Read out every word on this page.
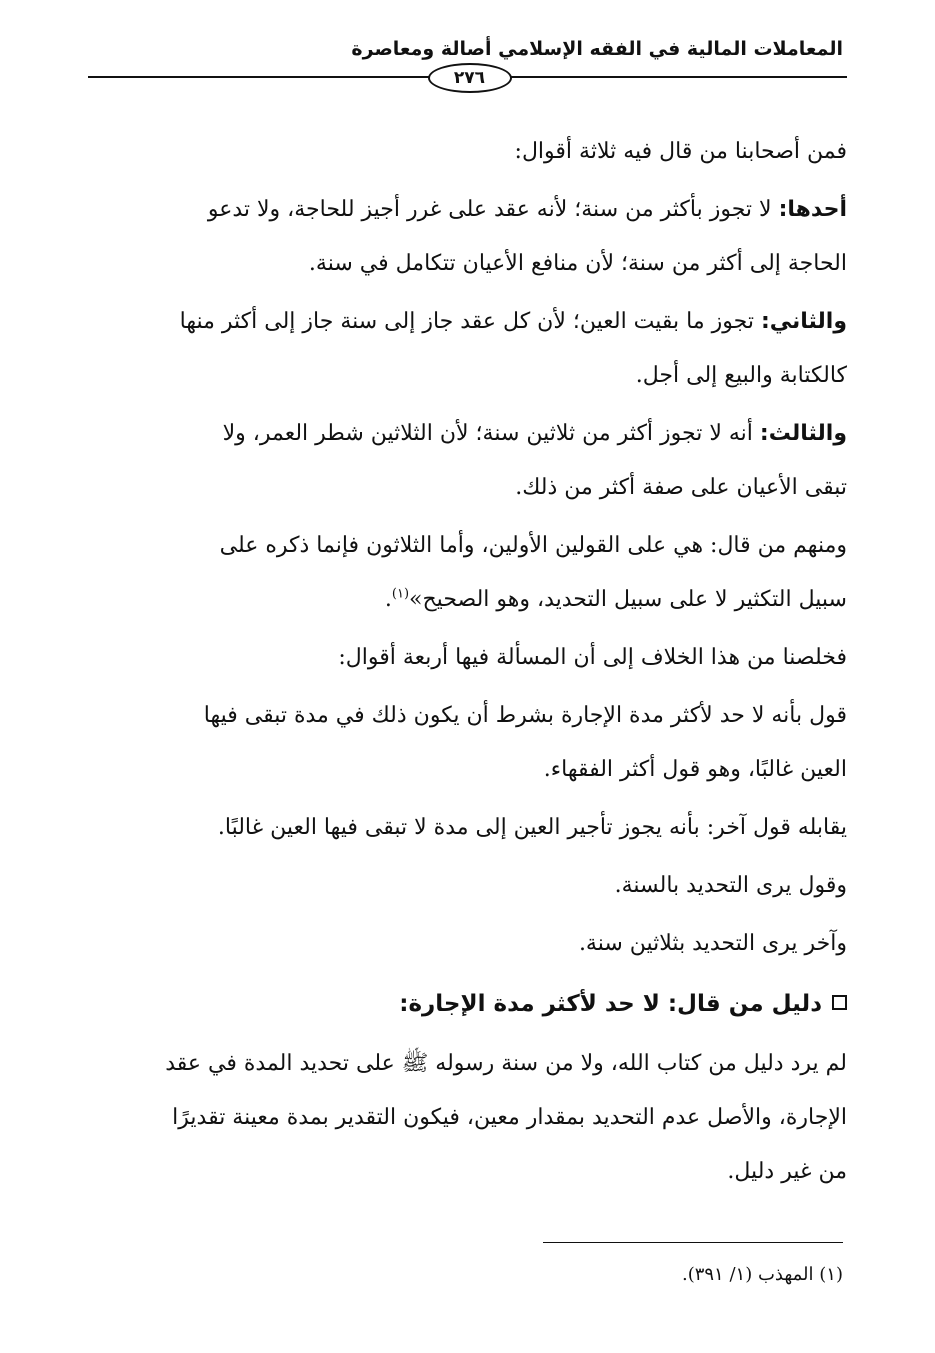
المعاملات المالية في الفقه الإسلامي أصالة ومعاصرة
٢٧٦
فمن أصحابنا من قال فيه ثلاثة أقوال:
أحدها: لا تجوز بأكثر من سنة؛ لأنه عقد على غرر أجيز للحاجة، ولا تدعو
الحاجة إلى أكثر من سنة؛ لأن منافع الأعيان تتكامل في سنة.
والثاني: تجوز ما بقيت العين؛ لأن كل عقد جاز إلى سنة جاز إلى أكثر منها
كالكتابة والبيع إلى أجل.
والثالث: أنه لا تجوز أكثر من ثلاثين سنة؛ لأن الثلاثين شطر العمر، ولا
تبقى الأعيان على صفة أكثر من ذلك.
ومنهم من قال: هي على القولين الأولين، وأما الثلاثون فإنما ذكره على
سبيل التكثير لا على سبيل التحديد، وهو الصحيح»$^{(١)}$.
فخلصنا من هذا الخلاف إلى أن المسألة فيها أربعة أقوال:
قول بأنه لا حد لأكثر مدة الإجارة بشرط أن يكون ذلك في مدة تبقى فيها
العين غالبًا، وهو قول أكثر الفقهاء.
يقابله قول آخر: بأنه يجوز تأجير العين إلى مدة لا تبقى فيها العين غالبًا.
وقول يرى التحديد بالسنة.
وآخر يرى التحديد بثلاثين سنة.
دليل من قال: لا حد لأكثر مدة الإجارة:
لم يرد دليل من كتاب الله، ولا من سنة رسوله ﷺ على تحديد المدة في عقد
الإجارة، والأصل عدم التحديد بمقدار معين، فيكون التقدير بمدة معينة تقديرًا
من غير دليل.
(١) المهذب (١/ ٣٩١).
